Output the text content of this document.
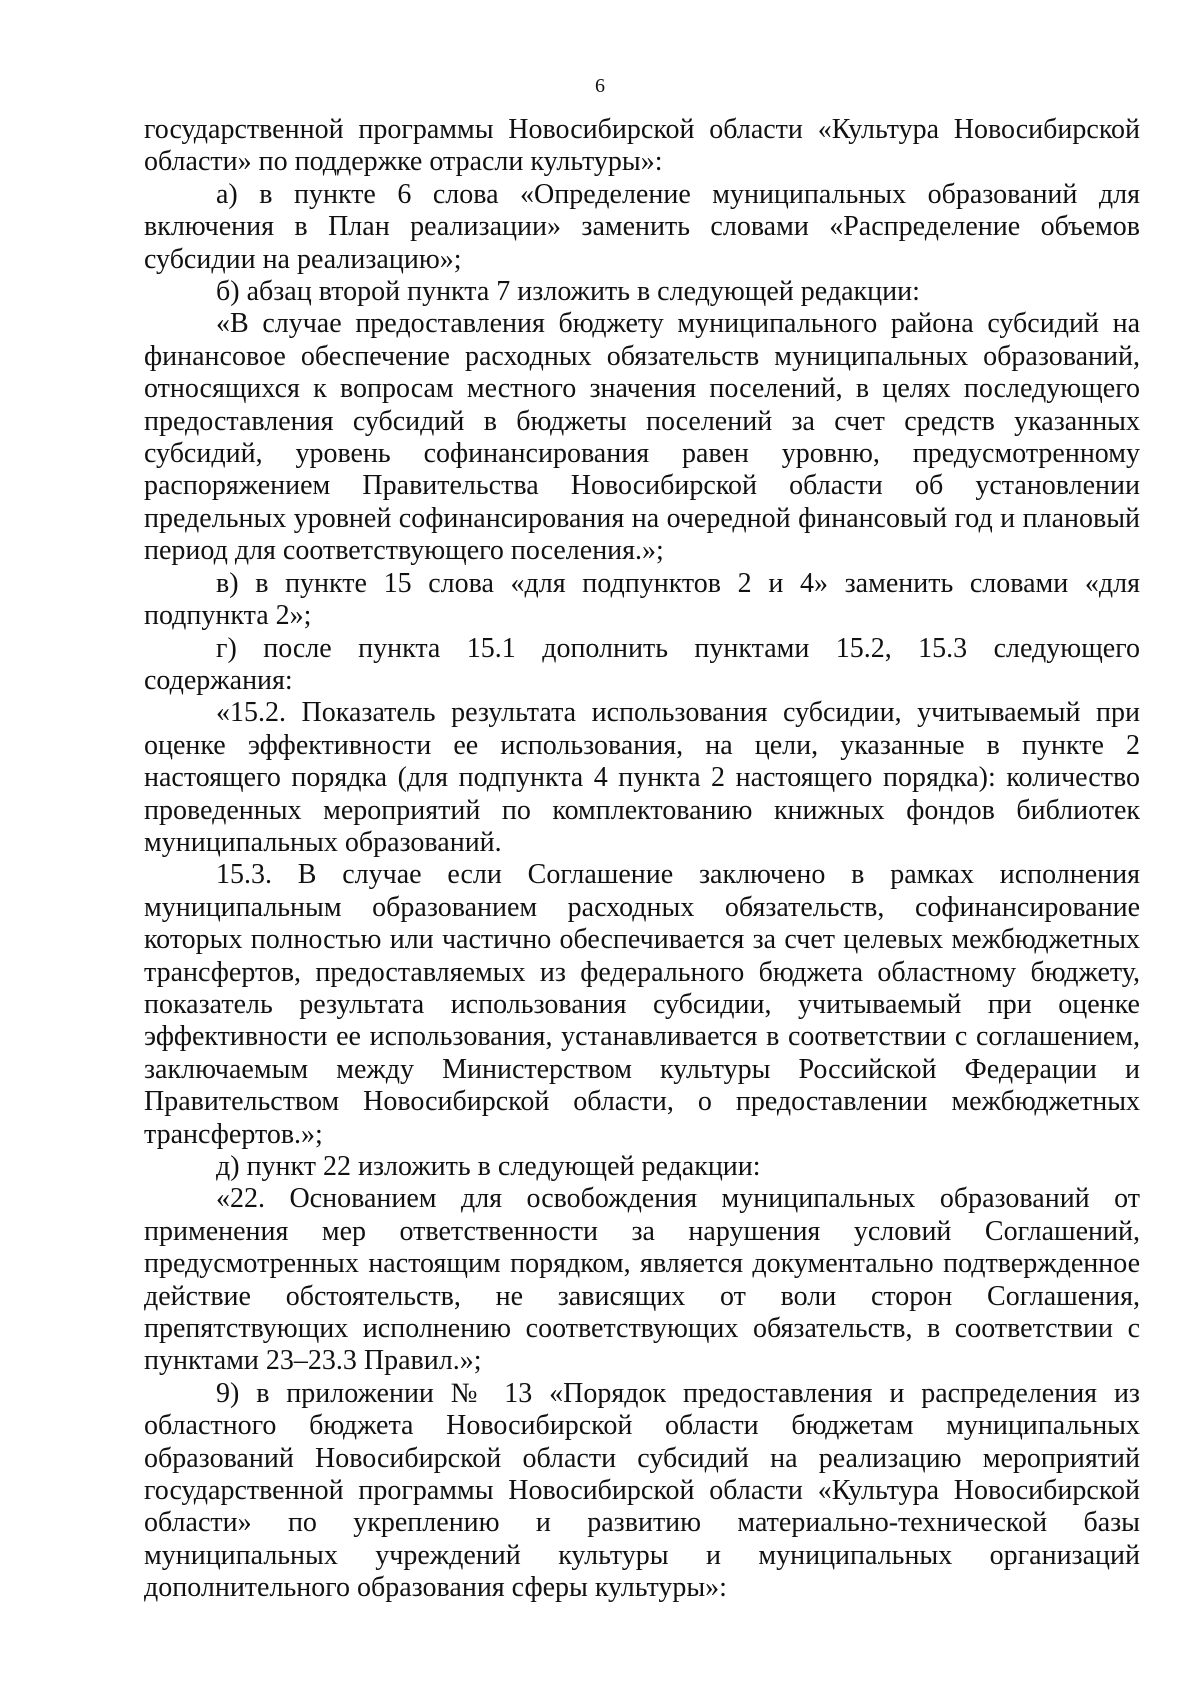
6

государственной программы Новосибирской области «Культура Новосибирской области» по поддержке отрасли культуры»:

а) в пункте 6 слова «Определение муниципальных образований для включения в План реализации» заменить словами «Распределение объемов субсидии на реализацию»;

б) абзац второй пункта 7 изложить в следующей редакции:

«В случае предоставления бюджету муниципального района субсидий на финансовое обеспечение расходных обязательств муниципальных образований, относящихся к вопросам местного значения поселений, в целях последующего предоставления субсидий в бюджеты поселений за счет средств указанных субсидий, уровень софинансирования равен уровню, предусмотренному распоряжением Правительства Новосибирской области об установлении предельных уровней софинансирования на очередной финансовый год и плановый период для соответствующего поселения.»;

в) в пункте 15 слова «для подпунктов 2 и 4» заменить словами «для подпункта 2»;

г) после пункта 15.1 дополнить пунктами 15.2, 15.3 следующего содержания:

«15.2. Показатель результата использования субсидии, учитываемый при оценке эффективности ее использования, на цели, указанные в пункте 2 настоящего порядка (для подпункта 4 пункта 2 настоящего порядка): количество проведенных мероприятий по комплектованию книжных фондов библиотек муниципальных образований.

15.3. В случае если Соглашение заключено в рамках исполнения муниципальным образованием расходных обязательств, софинансирование которых полностью или частично обеспечивается за счет целевых межбюджетных трансфертов, предоставляемых из федерального бюджета областному бюджету, показатель результата использования субсидии, учитываемый при оценке эффективности ее использования, устанавливается в соответствии с соглашением, заключаемым между Министерством культуры Российской Федерации и Правительством Новосибирской области, о предоставлении межбюджетных трансфертов.»;

д) пункт 22 изложить в следующей редакции:

«22. Основанием для освобождения муниципальных образований от применения мер ответственности за нарушения условий Соглашений, предусмотренных настоящим порядком, является документально подтвержденное действие обстоятельств, не зависящих от воли сторон Соглашения, препятствующих исполнению соответствующих обязательств, в соответствии с пунктами 23–23.3 Правил.»;

9) в приложении № 13 «Порядок предоставления и распределения из областного бюджета Новосибирской области бюджетам муниципальных образований Новосибирской области субсидий на реализацию мероприятий государственной программы Новосибирской области «Культура Новосибирской области» по укреплению и развитию материально-технической базы муниципальных учреждений культуры и муниципальных организаций дополнительного образования сферы культуры»:
